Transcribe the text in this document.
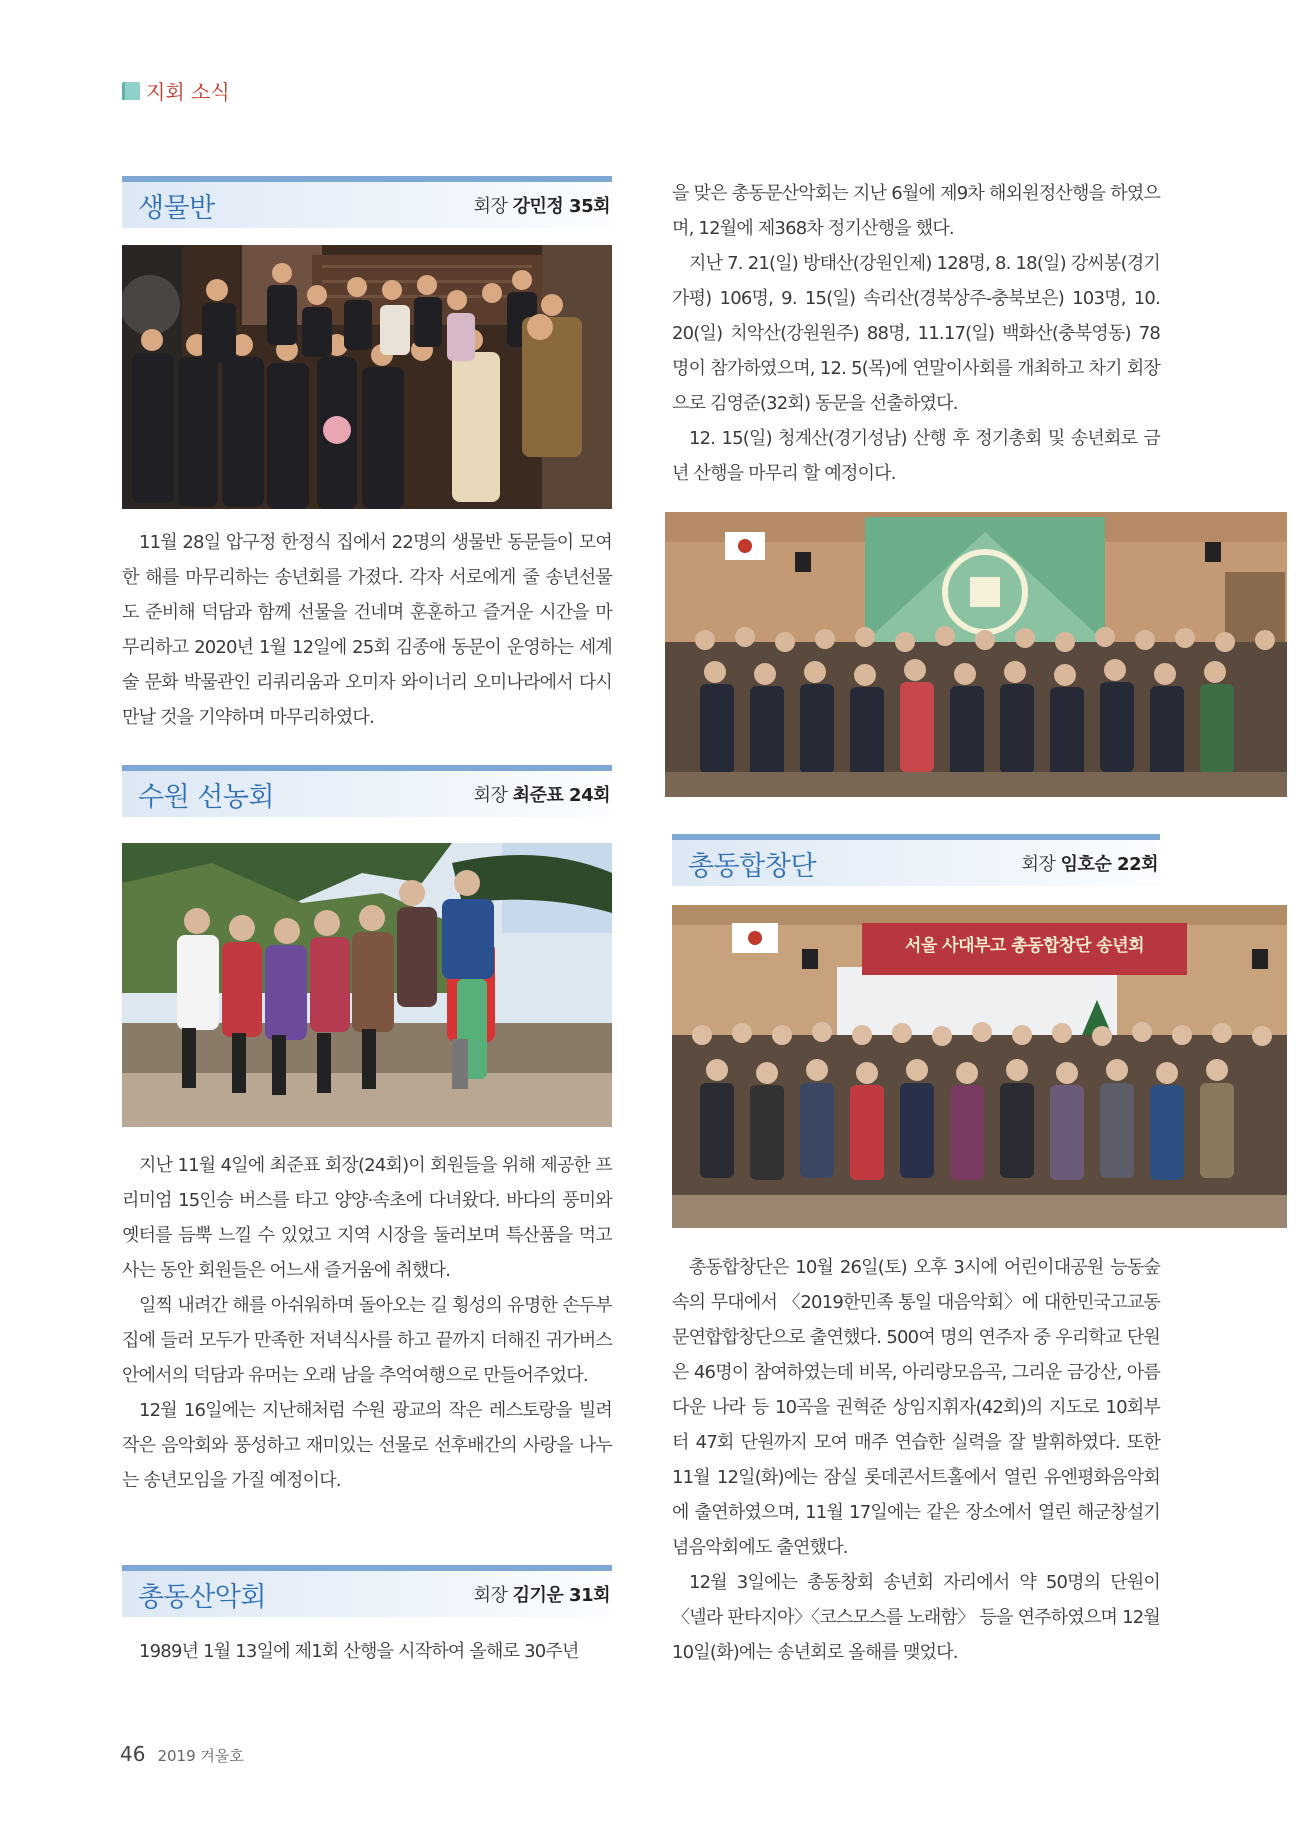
지회 소식
생물반	회장 강민정 35회

11월 28일 압구정 한정식 집에서 22명의 생물반 동문들이 모여 한 해를 마무리하는 송년회를 가졌다. 각자 서로에게 줄 송년선물도 준비해 덕담과 함께 선물을 건네며 훈훈하고 즐거운 시간을 마무리하고 2020년 1월 12일에 25회 김종애 동문이 운영하는 세계 술 문화 박물관인 리쿼리움과 오미자 와이너리 오미나라에서 다시 만날 것을 기약하며 마무리하였다.

수원 선농회	회장 최준표 24회

지난 11월 4일에 최준표 회장(24회)이 회원들을 위해 제공한 프리미엄 15인승 버스를 타고 양양·속초에 다녀왔다. 바다의 풍미와 옛터를 듬뿍 느낄 수 있었고 지역 시장을 둘러보며 특산품을 먹고 사는 동안 회원들은 어느새 즐거움에 취했다.

일찍 내려간 해를 아쉬워하며 돌아오는 길 횡성의 유명한 손두부집에 들러 모두가 만족한 저녁식사를 하고 끝까지 더해진 귀가버스 안에서의 덕담과 유머는 오래 남을 추억여행으로 만들어주었다.

12월 16일에는 지난해처럼 수원 광교의 작은 레스토랑을 빌려 작은 음악회와 풍성하고 재미있는 선물로 선후배간의 사랑을 나누는 송년모임을 가질 예정이다.

총동산악회	회장 김기운 31회

1989년 1월 13일에 제1회 산행을 시작하여 올해로 30주년

을 맞은 총동문산악회는 지난 6월에 제9차 해외원정산행을 하였으며, 12월에 제368차 정기산행을 했다.

지난 7. 21(일) 방태산(강원인제) 128명, 8. 18(일) 강씨봉(경기가평) 106명, 9. 15(일) 속리산(경북상주-충북보은) 103명, 10. 20(일) 치악산(강원원주) 88명, 11.17(일) 백화산(충북영동) 78명이 참가하였으며, 12. 5(목)에 연말이사회를 개최하고 차기 회장으로 김영준(32회) 동문을 선출하였다.

12. 15(일) 청계산(경기성남) 산행 후 정기총회 및 송년회로 금년 산행을 마무리 할 예정이다.

총동합창단	회장 임호순 22회
서울 사대부고 총동합창단 송년회

총동합창단은 10월 26일(토) 오후 3시에 어린이대공원 능동숲속의 무대에서 〈2019한민족 통일 대음악회〉에 대한민국고교동문연합합창단으로 출연했다. 500여 명의 연주자 중 우리학교 단원은 46명이 참여하였는데 비목, 아리랑모음곡, 그리운 금강산, 아름다운 나라 등 10곡을 권혁준 상임지휘자(42회)의 지도로 10회부터 47회 단원까지 모여 매주 연습한 실력을 잘 발휘하였다. 또한 11월 12일(화)에는 잠실 롯데콘서트홀에서 열린 유엔평화음악회에 출연하였으며, 11월 17일에는 같은 장소에서 열린 해군창설기념음악회에도 출연했다.

12월 3일에는 총동창회 송년회 자리에서 약 50명의 단원이 〈넬라 판타지아〉〈코스모스를 노래함〉 등을 연주하였으며 12월 10일(화)에는 송년회로 올해를 맺었다.

46 2019 겨울호
